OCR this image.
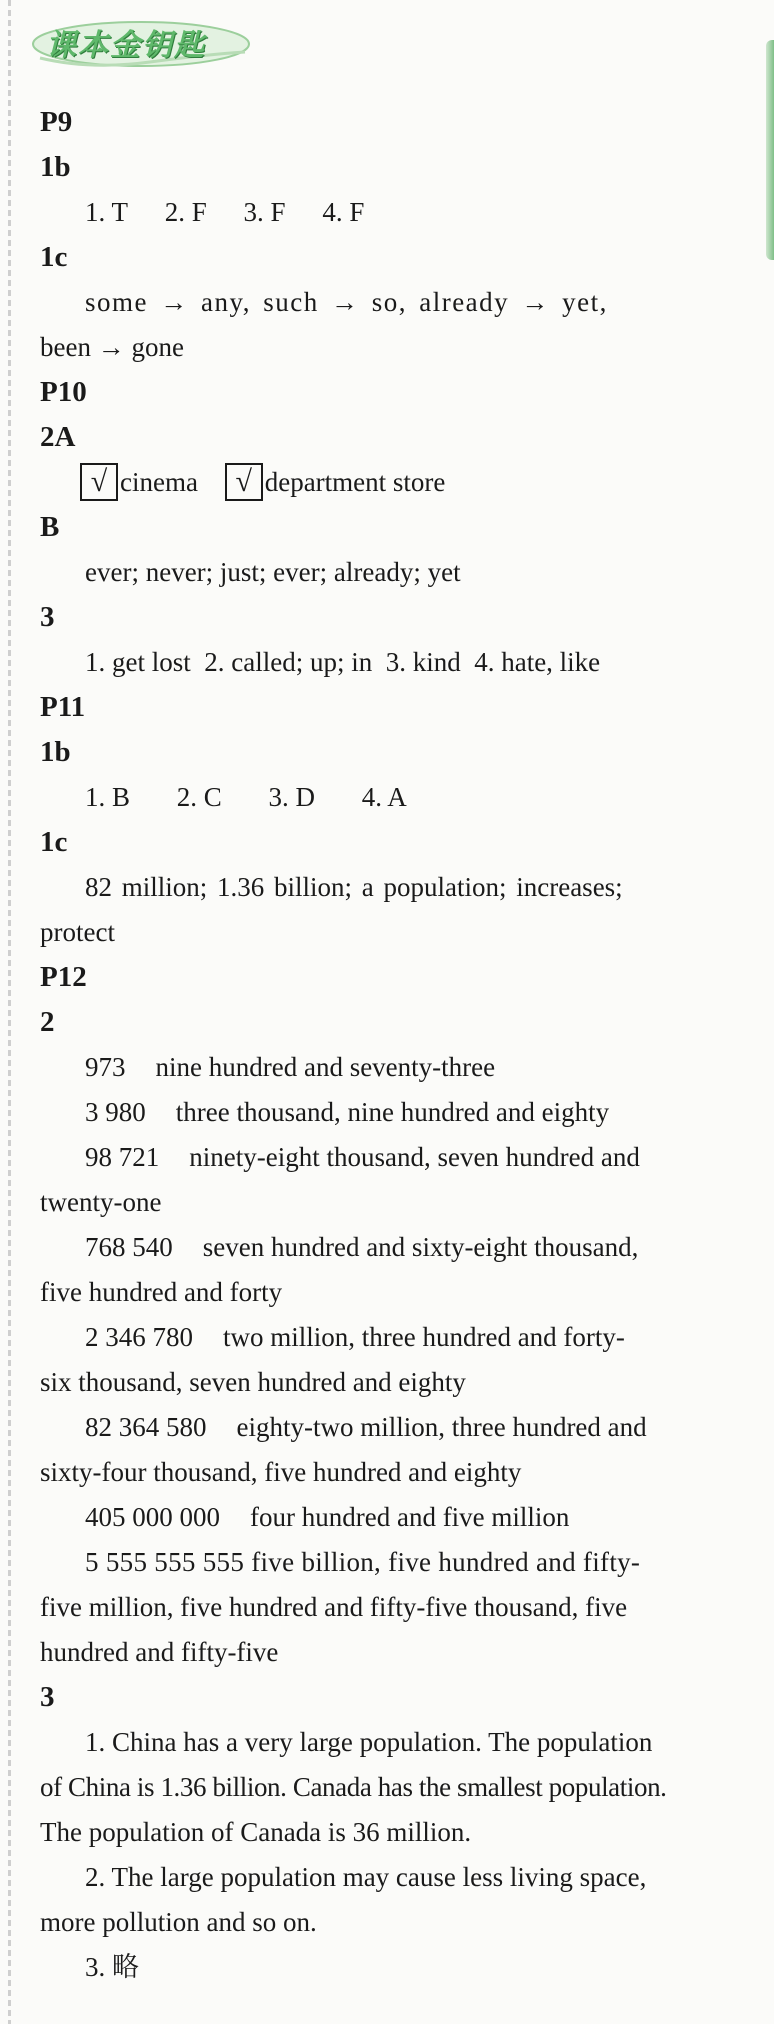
课本金钥匙
P9
1b
1. T 2. F 3. F 4. F
1c
some → any, such → so, already → yet,
been → gone
P10
2A
√ cinema √ department store
B
ever; never; just; ever; already; yet
3
1. get lost  2. called; up; in  3. kind  4. hate, like
P11
1b
1. B 2. C 3. D 4. A
1c
82 million; 1.36 billion; a population; increases;
protect
P12
2
973 nine hundred and seventy-three
3 980 three thousand, nine hundred and eighty
98 721 ninety-eight thousand, seven hundred and
twenty-one
768 540 seven hundred and sixty-eight thousand,
five hundred and forty
2 346 780 two million, three hundred and forty-
six thousand, seven hundred and eighty
82 364 580 eighty-two million, three hundred and
sixty-four thousand, five hundred and eighty
405 000 000 four hundred and five million
5 555 555 555 five billion, five hundred and fifty-
five million, five hundred and fifty-five thousand, five
hundred and fifty-five
3
1. China has a very large population. The population
of China is 1.36 billion. Canada has the smallest population.
The population of Canada is 36 million.
2. The large population may cause less living space,
more pollution and so on.
3. 略
